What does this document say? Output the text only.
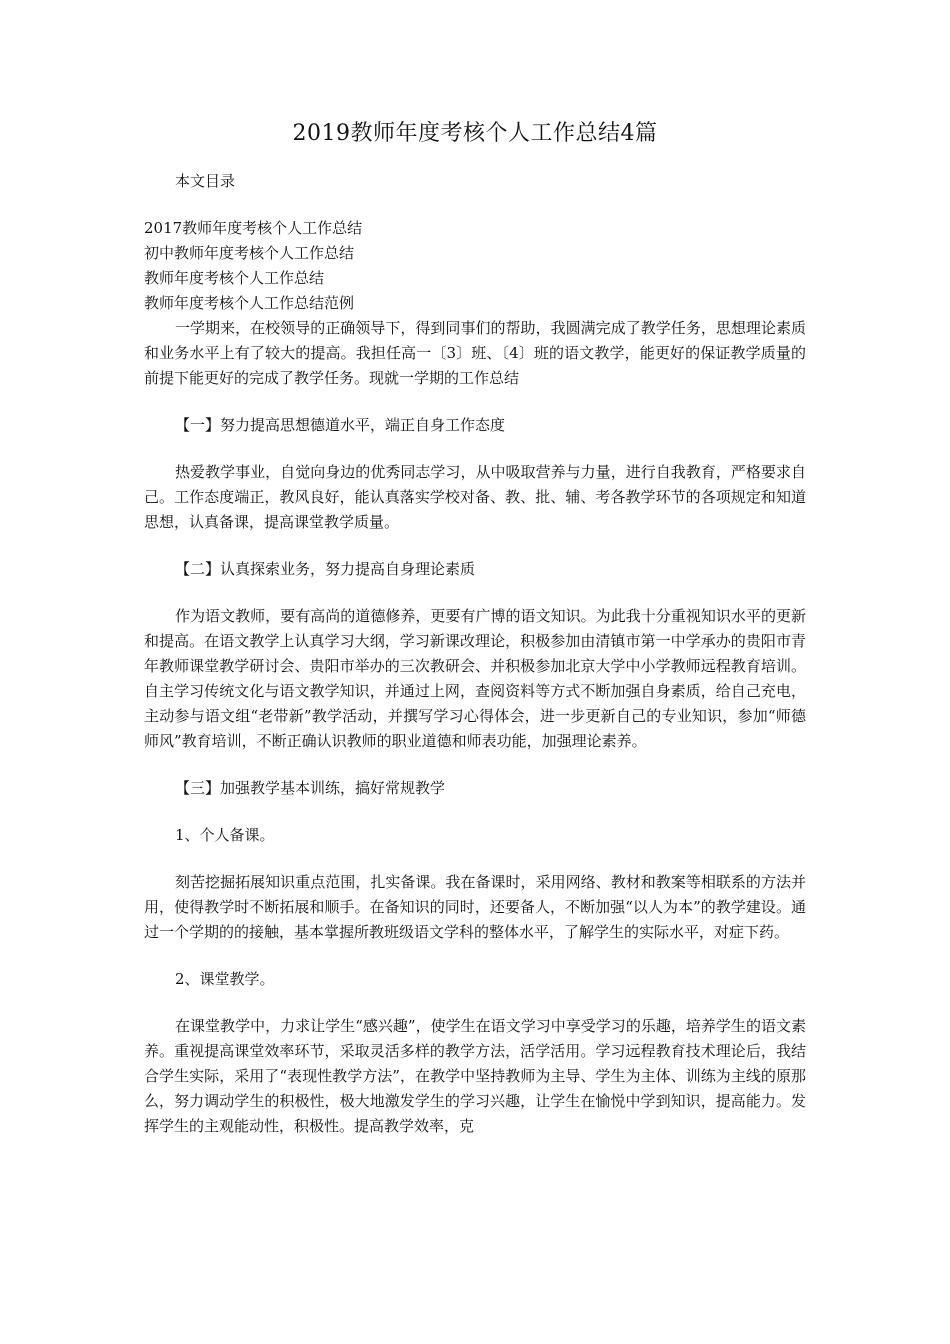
2019教师年度考核个人工作总结4篇

本文目录

2017教师年度考核个人工作总结
初中教师年度考核个人工作总结
教师年度考核个人工作总结
教师年度考核个人工作总结范例

一学期来，在校领导的正确领导下，得到同事们的帮助，我圆满完成了教学任务，思想理论素质和业务水平上有了较大的提高。我担任高一〔3〕班、〔4〕班的语文教学，能更好的保证教学质量的前提下能更好的完成了教学任务。现就一学期的工作总结

【一】努力提高思想德道水平，端正自身工作态度

热爱教学事业，自觉向身边的优秀同志学习，从中吸取营养与力量，进行自我教育，严格要求自己。工作态度端正，教风良好，能认真落实学校对备、教、批、辅、考各教学环节的各项规定和知道思想，认真备课，提高课堂教学质量。

【二】认真探索业务，努力提高自身理论素质

作为语文教师，要有高尚的道德修养，更要有广博的语文知识。为此我十分重视知识水平的更新和提高。在语文教学上认真学习大纲，学习新课改理论，积极参加由清镇市第一中学承办的贵阳市青年教师课堂教学研讨会、贵阳市举办的三次教研会、并积极参加北京大学中小学教师远程教育培训。自主学习传统文化与语文教学知识，并通过上网，查阅资料等方式不断加强自身素质，给自己充电，主动参与语文组“老带新”教学活动，并撰写学习心得体会，进一步更新自己的专业知识，参加“师德师风”教育培训，不断正确认识教师的职业道德和师表功能，加强理论素养。

【三】加强教学基本训练，搞好常规教学

1、个人备课。

刻苦挖掘拓展知识重点范围，扎实备课。我在备课时，采用网络、教材和教案等相联系的方法并用，使得教学时不断拓展和顺手。在备知识的同时，还要备人，不断加强“以人为本”的教学建设。通过一个学期的的接触，基本掌握所教班级语文学科的整体水平，了解学生的实际水平，对症下药。

2、课堂教学。

在课堂教学中，力求让学生“感兴趣”，使学生在语文学习中享受学习的乐趣，培养学生的语文素养。重视提高课堂效率环节，采取灵活多样的教学方法，活学活用。学习远程教育技术理论后，我结合学生实际，采用了“表现性教学方法”，在教学中坚持教师为主导、学生为主体、训练为主线的原那么，努力调动学生的积极性，极大地激发学生的学习兴趣，让学生在愉悦中学到知识，提高能力。发挥学生的主观能动性，积极性。提高教学效率，克
